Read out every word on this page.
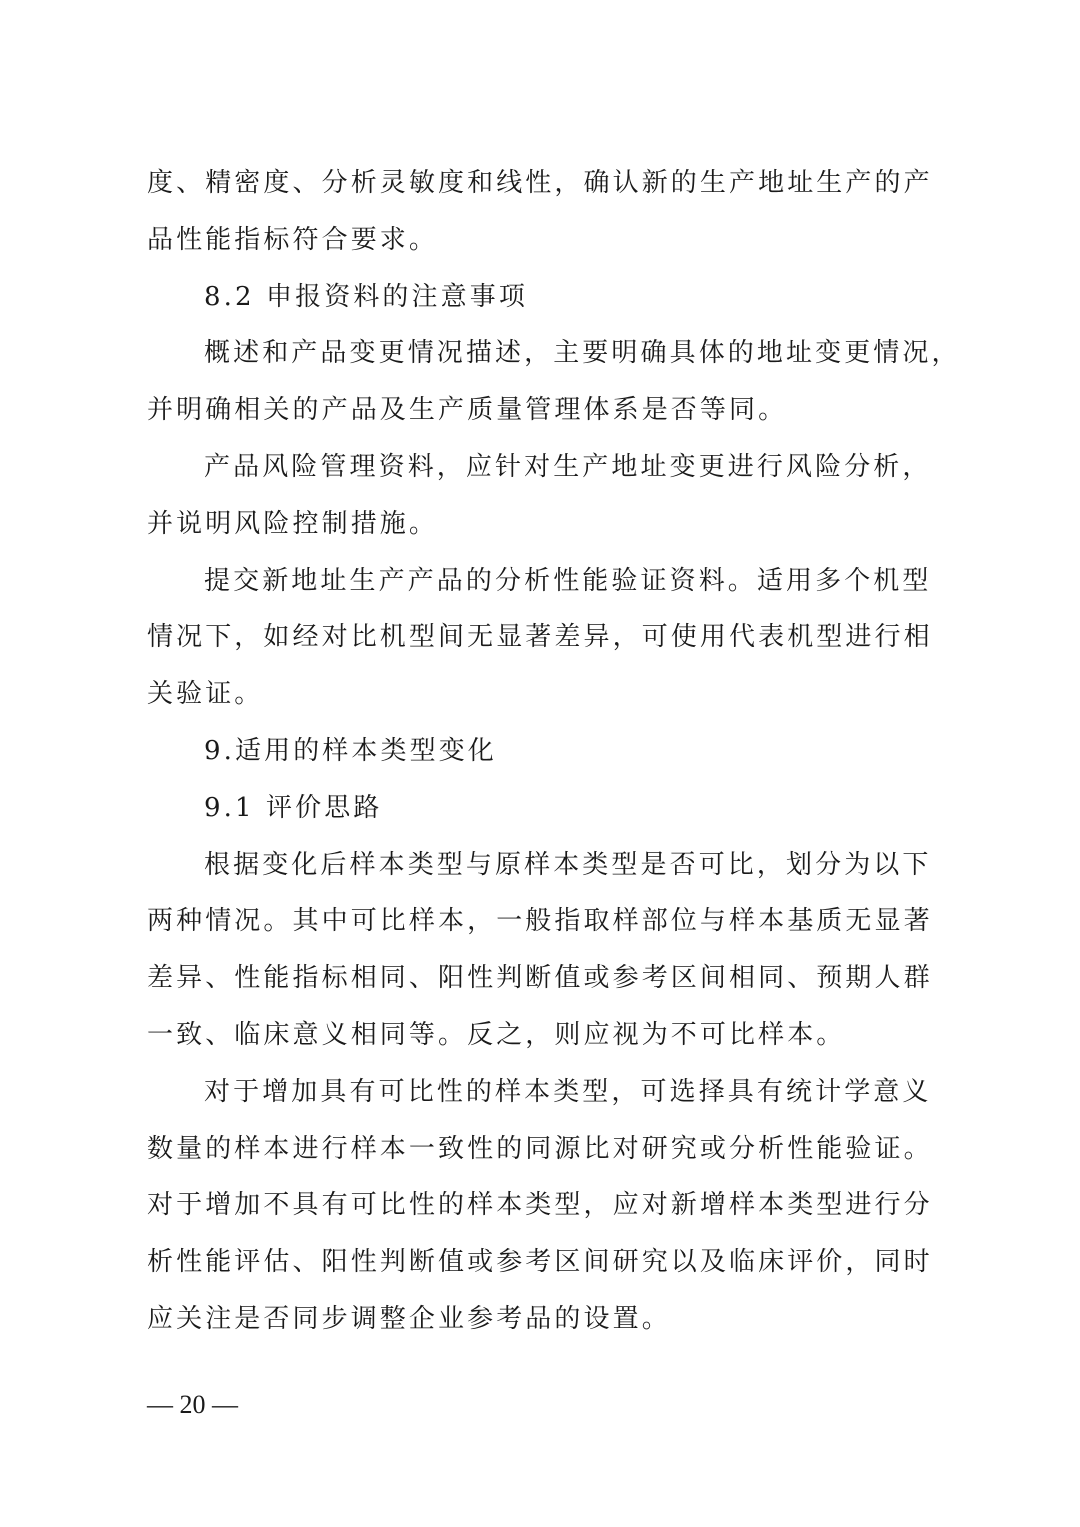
度、精密度、分析灵敏度和线性，确认新的生产地址生产的产
品性能指标符合要求。
8.2 申报资料的注意事项
概述和产品变更情况描述，主要明确具体的地址变更情况，
并明确相关的产品及生产质量管理体系是否等同。
产品风险管理资料，应针对生产地址变更进行风险分析，
并说明风险控制措施。
提交新地址生产产品的分析性能验证资料。适用多个机型
情况下，如经对比机型间无显著差异，可使用代表机型进行相
关验证。
9.适用的样本类型变化
9.1 评价思路
根据变化后样本类型与原样本类型是否可比，划分为以下
两种情况。其中可比样本，一般指取样部位与样本基质无显著
差异、性能指标相同、阳性判断值或参考区间相同、预期人群
一致、临床意义相同等。反之，则应视为不可比样本。
对于增加具有可比性的样本类型，可选择具有统计学意义
数量的样本进行样本一致性的同源比对研究或分析性能验证。
对于增加不具有可比性的样本类型，应对新增样本类型进行分
析性能评估、阳性判断值或参考区间研究以及临床评价，同时
应关注是否同步调整企业参考品的设置。
— 20 —
